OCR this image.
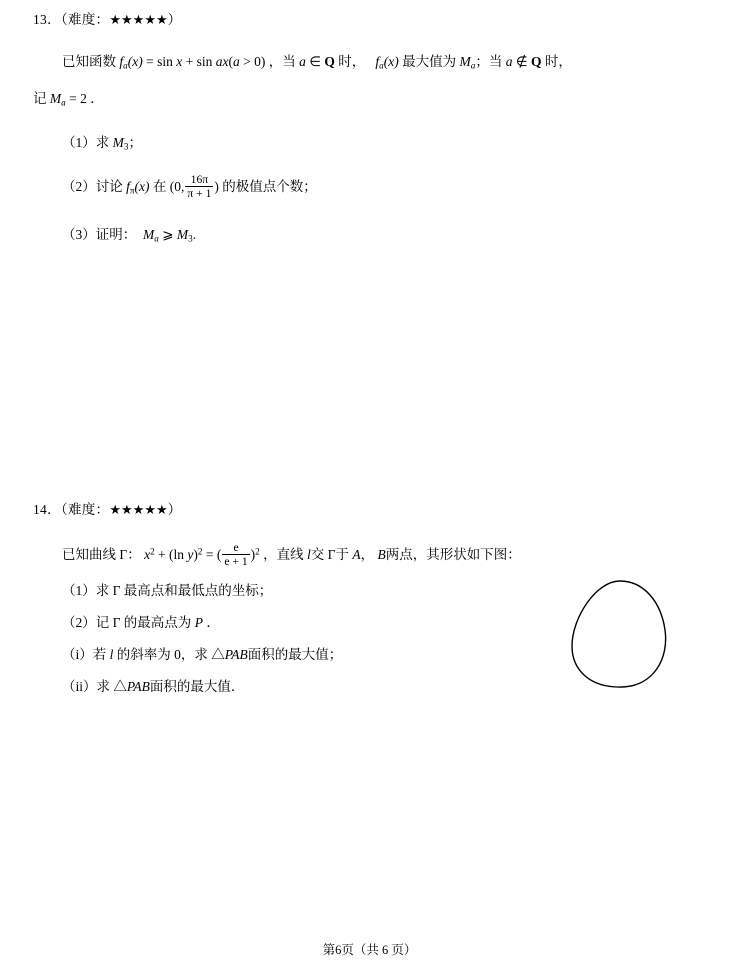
13．（难度：★★★★★）
已知函数 $f_a(x) = \sin x + \sin ax(a > 0)$ ，当 a ∈ Q 时， $f_a(x)$ 最大值为 $M_a$；当 a ∉ Q 时，
记 $M_a = 2$ ．
（1）求 $M_3$；
（2）讨论 $f_\pi(x)$ 在 (0, $\frac{16\pi}{\pi + 1}$ ) 的极值点个数；
（3）证明： $M_a$ ⩾ $M_3$.
14．（难度：★★★★★）
已知曲线 Γ： $x^2 + (\ln$ y)$^2$ = ( $\frac{e}{e + 1} )^2$ ，直线 l交 Γ于 A， B两点，其形状如下图：
（1）求 Γ 最高点和最低点的坐标；
（2）记 Γ 的最高点为 P ．
（i）若 l 的斜率为 0，求 △PAB面积的最大值；
（ii）求 △PAB面积的最大值．
第6页（共 6 页）
